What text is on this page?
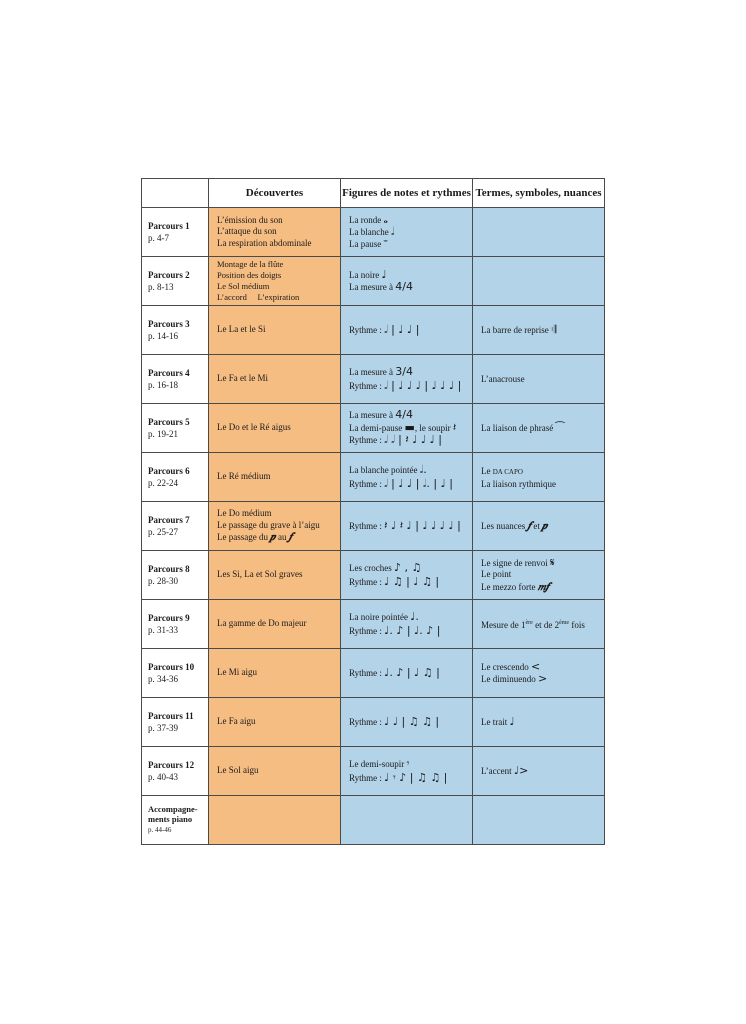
	Découvertes	Figures de notes et rythmes	Termes, symboles, nuances

Parcours 1
p. 4-7	L’émission du son
L’attaque du son
La respiration abdominale	La ronde 𝅝
La blanche 𝅗𝅥
La pause 𝄻	

Parcours 2
p. 8-13	Montage de la flûte
Position des doigts
Le Sol médium
L’accord L’expiration	La noire ♩
La mesure à 4/4	

Parcours 3
p. 14-16	Le La et le Si	Rythme : 𝅗𝅥 | ♩ ♩ |	La barre de reprise 𝄇

Parcours 4
p. 16-18	Le Fa et le Mi	La mesure à 3/4
Rythme : 𝅗𝅥 | ♩ ♩ ♩ | ♩ ♩ ♩ |	L’anacrouse

Parcours 5
p. 19-21	Le Do et le Ré aigus	La mesure à 4/4
La demi-pause ▬, le soupir 𝄽
Rythme : 𝅗𝅥 𝅗𝅥 | 𝄽 ♩ ♩ ♩ |	La liaison de phrasé ⁀

Parcours 6
p. 22-24	Le Ré médium	La blanche pointée 𝅗𝅥.
Rythme : 𝅗𝅥 | ♩ ♩ | 𝅗𝅥. | ♩ |	Le DA CAPO
La liaison rythmique

Parcours 7
p. 25-27	Le Do médium
Le passage du grave à l’aigu
Le passage du 𝆏 au 𝆑	Rythme : 𝄽 ♩ 𝄽 ♩ | ♩ ♩ ♩ ♩ |	Les nuances 𝆑 et 𝆏

Parcours 8
p. 28-30	Les Si, La et Sol graves	Les croches ♪ , ♫
Rythme : ♩ ♫ | ♩ ♫ |	Le signe de renvoi 𝄋
Le point
Le mezzo forte 𝆐𝆑

Parcours 9
p. 31-33	La gamme de Do majeur	La noire pointée ♩.
Rythme : ♩. ♪ | ♩. ♪ |	Mesure de 1ère et de 2ème fois

Parcours 10
p. 34-36	Le Mi aigu	Rythme : ♩. ♪ | ♩ ♫ |	Le crescendo <
Le diminuendo >

Parcours 11
p. 37-39	Le Fa aigu	Rythme : ♩ ♩ | ♫ ♫ |	Le trait ♩

Parcours 12
p. 40-43	Le Sol aigu	Le demi-soupir 𝄾
Rythme : ♩ 𝄾 ♪ | ♫ ♫ |	L’accent ♩>

Accompagne-ments piano
p. 44-46			
